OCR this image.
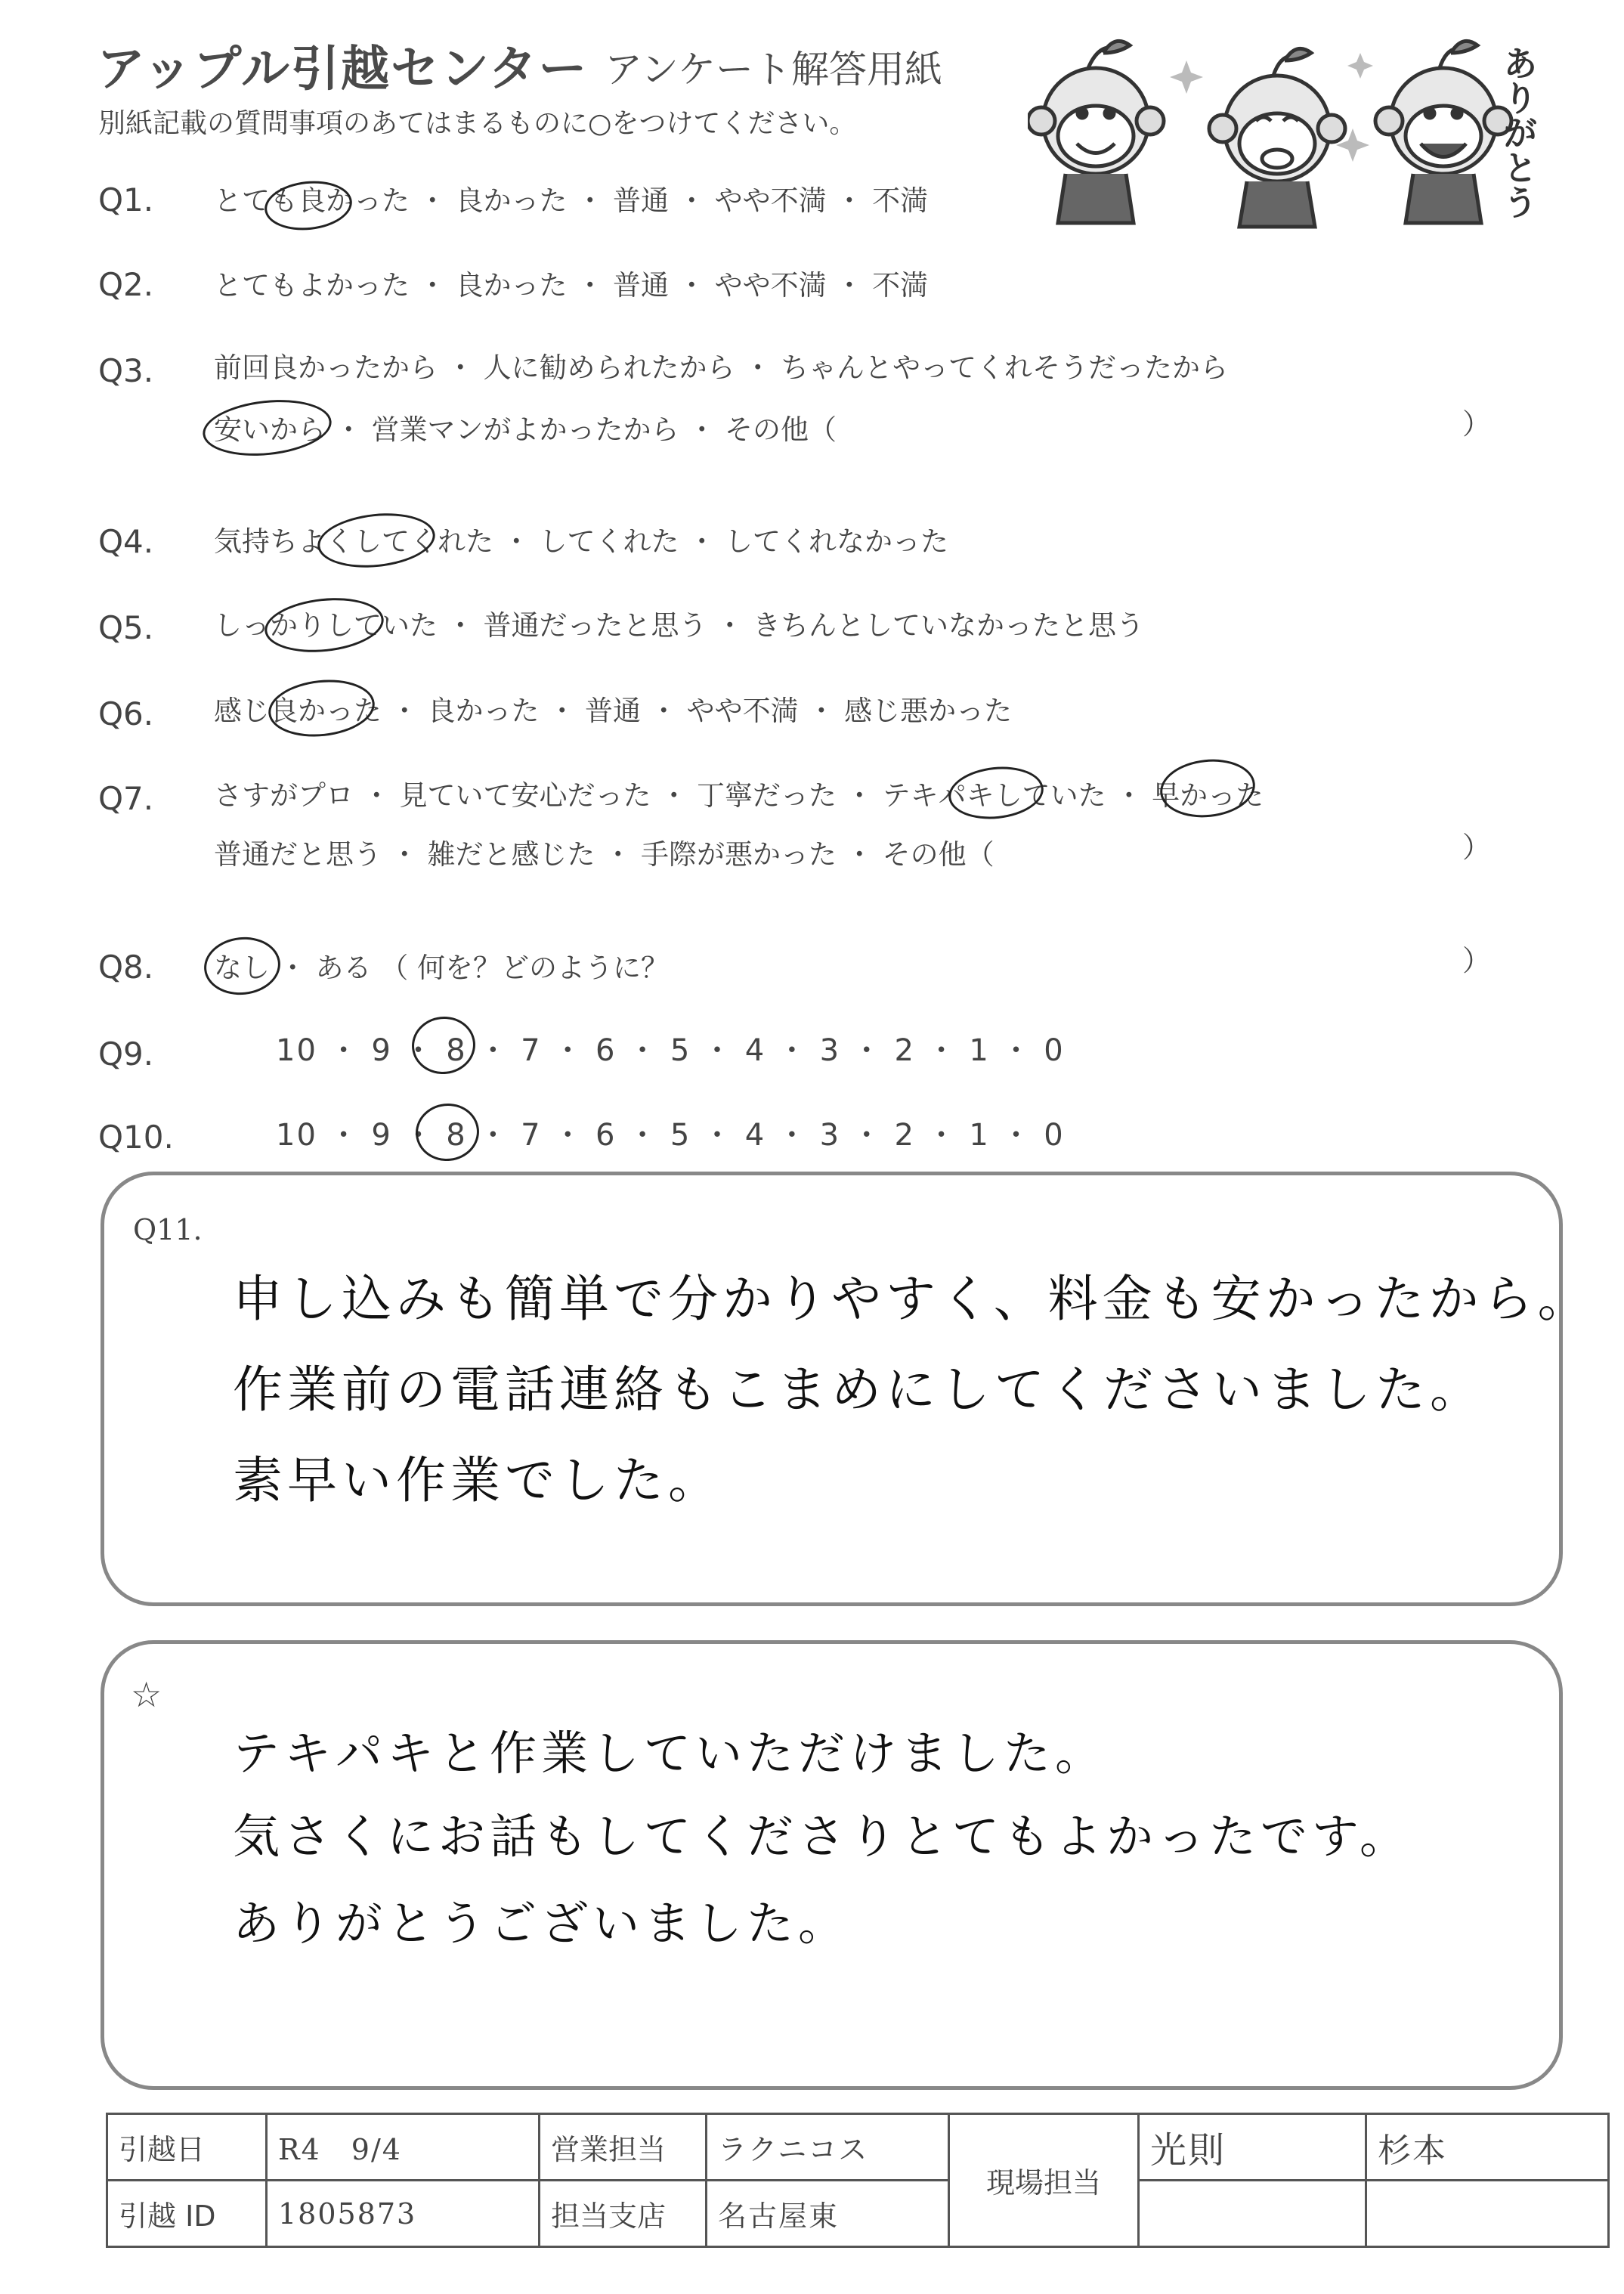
アップル引越センター アンケート解答用紙
別紙記載の質問事項のあてはまるものに○をつけてください。	ありがとう
Q1. とても良かった ・ 良かった ・ 普通 ・ やや不満 ・ 不満
Q2. とてもよかった ・ 良かった ・ 普通 ・ やや不満 ・ 不満
Q3. 前回良かったから ・ 人に勧められたから ・ ちゃんとやってくれそうだったから
安いから ・ 営業マンがよかったから ・ その他（	）
Q4. 気持ちよくしてくれた ・ してくれた ・ してくれなかった
Q5. しっかりしていた ・ 普通だったと思う ・ きちんとしていなかったと思う
Q6. 感じ良かった ・ 良かった ・ 普通 ・ やや不満 ・ 感じ悪かった
Q7. さすがプロ ・ 見ていて安心だった ・ 丁寧だった ・ テキパキしていた ・ 早かった
普通だと思う ・ 雑だと感じた ・ 手際が悪かった ・ その他（	）
Q8. なし ・ ある （ 何を？どのように？	）
Q9.	10 ・ 9 ・ 8 ・ 7 ・ 6 ・ 5 ・ 4 ・ 3 ・ 2 ・ 1 ・ 0
Q10.	10 ・ 9 ・ 8 ・ 7 ・ 6 ・ 5 ・ 4 ・ 3 ・ 2 ・ 1 ・ 0
Q11.
申し込みも簡単で分かりやすく、料金も安かったから。
作業前の電話連絡もこまめにしてくださいました。
素早い作業でした。
☆
テキパキと作業していただけました。
気さくにお話もしてくださりとてもよかったです。
ありがとうございました。
引越日	R4　9/4	営業担当	ラクニコス	現場担当	光則	杉本
引越 ID	1805873	担当支店	名古屋東			
